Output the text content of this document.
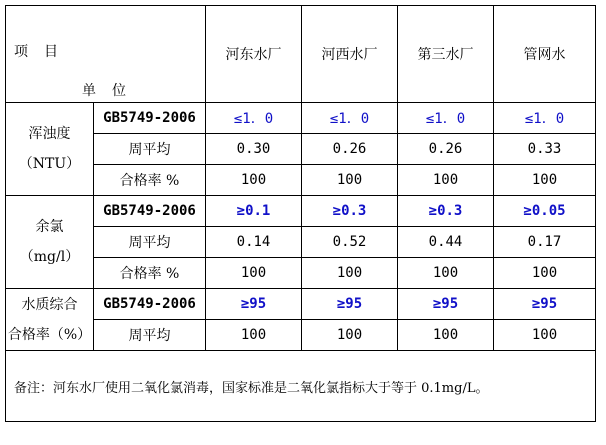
项　目
单　位		河东水厂	河西水厂	第三水厂	管网水

浑浊度
（NTU）	GB5749-2006	≤1．0	≤1．0	≤1．0	≤1．0
	周平均	0.30	0.26	0.26	0.33
	合格率 %	100	100	100	100

余氯
（mg/l）	GB5749-2006	≥0.1	≥0.3	≥0.3	≥0.05
	周平均	0.14	0.52	0.44	0.17
	合格率 %	100	100	100	100

水质综合
合格率（%）	GB5749-2006	≥95	≥95	≥95	≥95
	周平均	100	100	100	100
备注：河东水厂使用二氧化氯消毒，国家标准是二氧化氯指标大于等于 0.1mg/L。					
